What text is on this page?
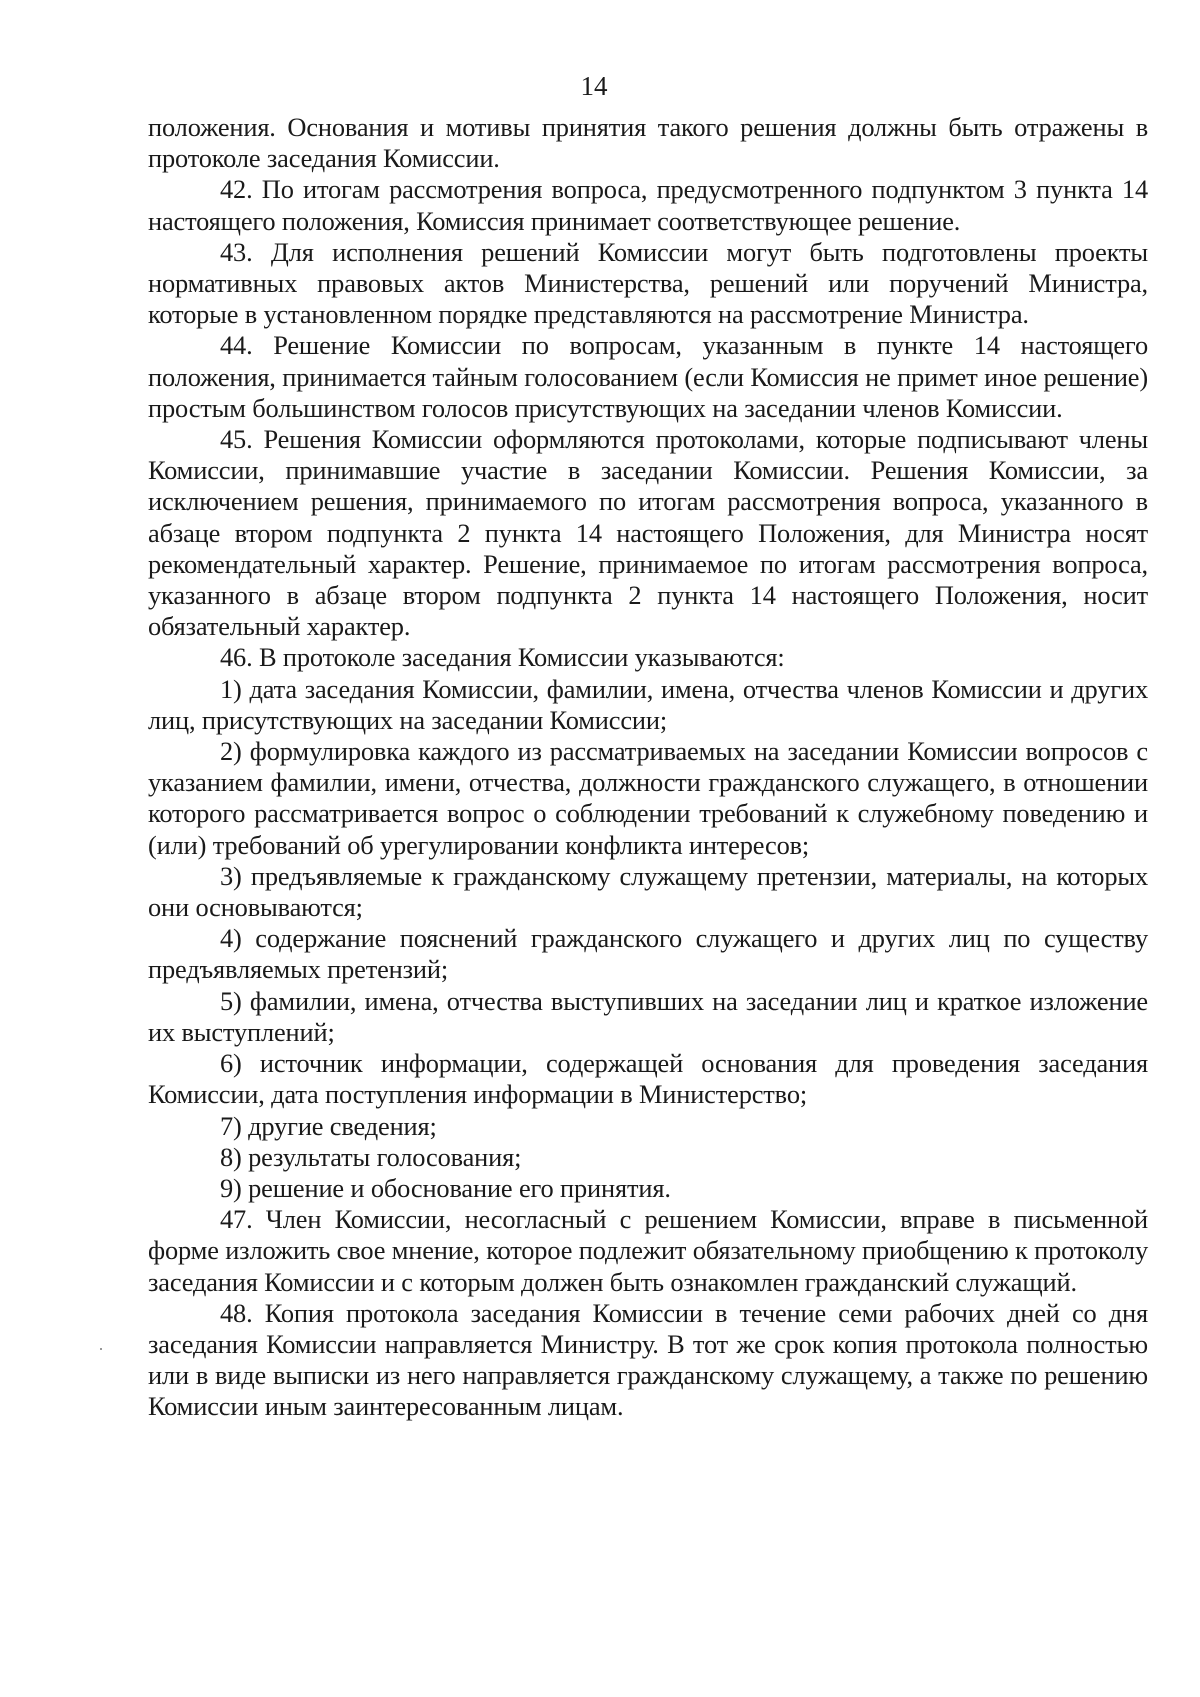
14

положения. Основания и мотивы принятия такого решения должны быть отражены в протоколе заседания Комиссии.

42. По итогам рассмотрения вопроса, предусмотренного подпунктом 3 пункта 14 настоящего положения, Комиссия принимает соответствующее решение.

43. Для исполнения решений Комиссии могут быть подготовлены проекты нормативных правовых актов Министерства, решений или поручений Министра, которые в установленном порядке представляются на рассмотрение Министра.

44. Решение Комиссии по вопросам, указанным в пункте 14 настоящего положения, принимается тайным голосованием (если Комиссия не примет иное решение) простым большинством голосов присутствующих на заседании членов Комиссии.

45. Решения Комиссии оформляются протоколами, которые подписывают члены Комиссии, принимавшие участие в заседании Комиссии. Решения Комиссии, за исключением решения, принимаемого по итогам рассмотрения вопроса, указанного в абзаце втором подпункта 2 пункта 14 настоящего Положения, для Министра носят рекомендательный характер. Решение, принимаемое по итогам рассмотрения вопроса, указанного в абзаце втором подпункта 2 пункта 14 настоящего Положения, носит обязательный характер.

46. В протоколе заседания Комиссии указываются:

1) дата заседания Комиссии, фамилии, имена, отчества членов Комиссии и других лиц, присутствующих на заседании Комиссии;

2) формулировка каждого из рассматриваемых на заседании Комиссии вопросов с указанием фамилии, имени, отчества, должности гражданского служащего, в отношении которого рассматривается вопрос о соблюдении требований к служебному поведению и (или) требований об урегулировании конфликта интересов;

3) предъявляемые к гражданскому служащему претензии, материалы, на которых они основываются;

4) содержание пояснений гражданского служащего и других лиц по существу предъявляемых претензий;

5) фамилии, имена, отчества выступивших на заседании лиц и краткое изложение их выступлений;

6) источник информации, содержащей основания для проведения заседания Комиссии, дата поступления информации в Министерство;

7) другие сведения;

8) результаты голосования;

9) решение и обоснование его принятия.

47. Член Комиссии, несогласный с решением Комиссии, вправе в письменной форме изложить свое мнение, которое подлежит обязательному приобщению к протоколу заседания Комиссии и с которым должен быть ознакомлен гражданский служащий.

48. Копия протокола заседания Комиссии в течение семи рабочих дней со дня заседания Комиссии направляется Министру. В тот же срок копия протокола полностью или в виде выписки из него направляется гражданскому служащему, а также по решению Комиссии иным заинтересованным лицам.
